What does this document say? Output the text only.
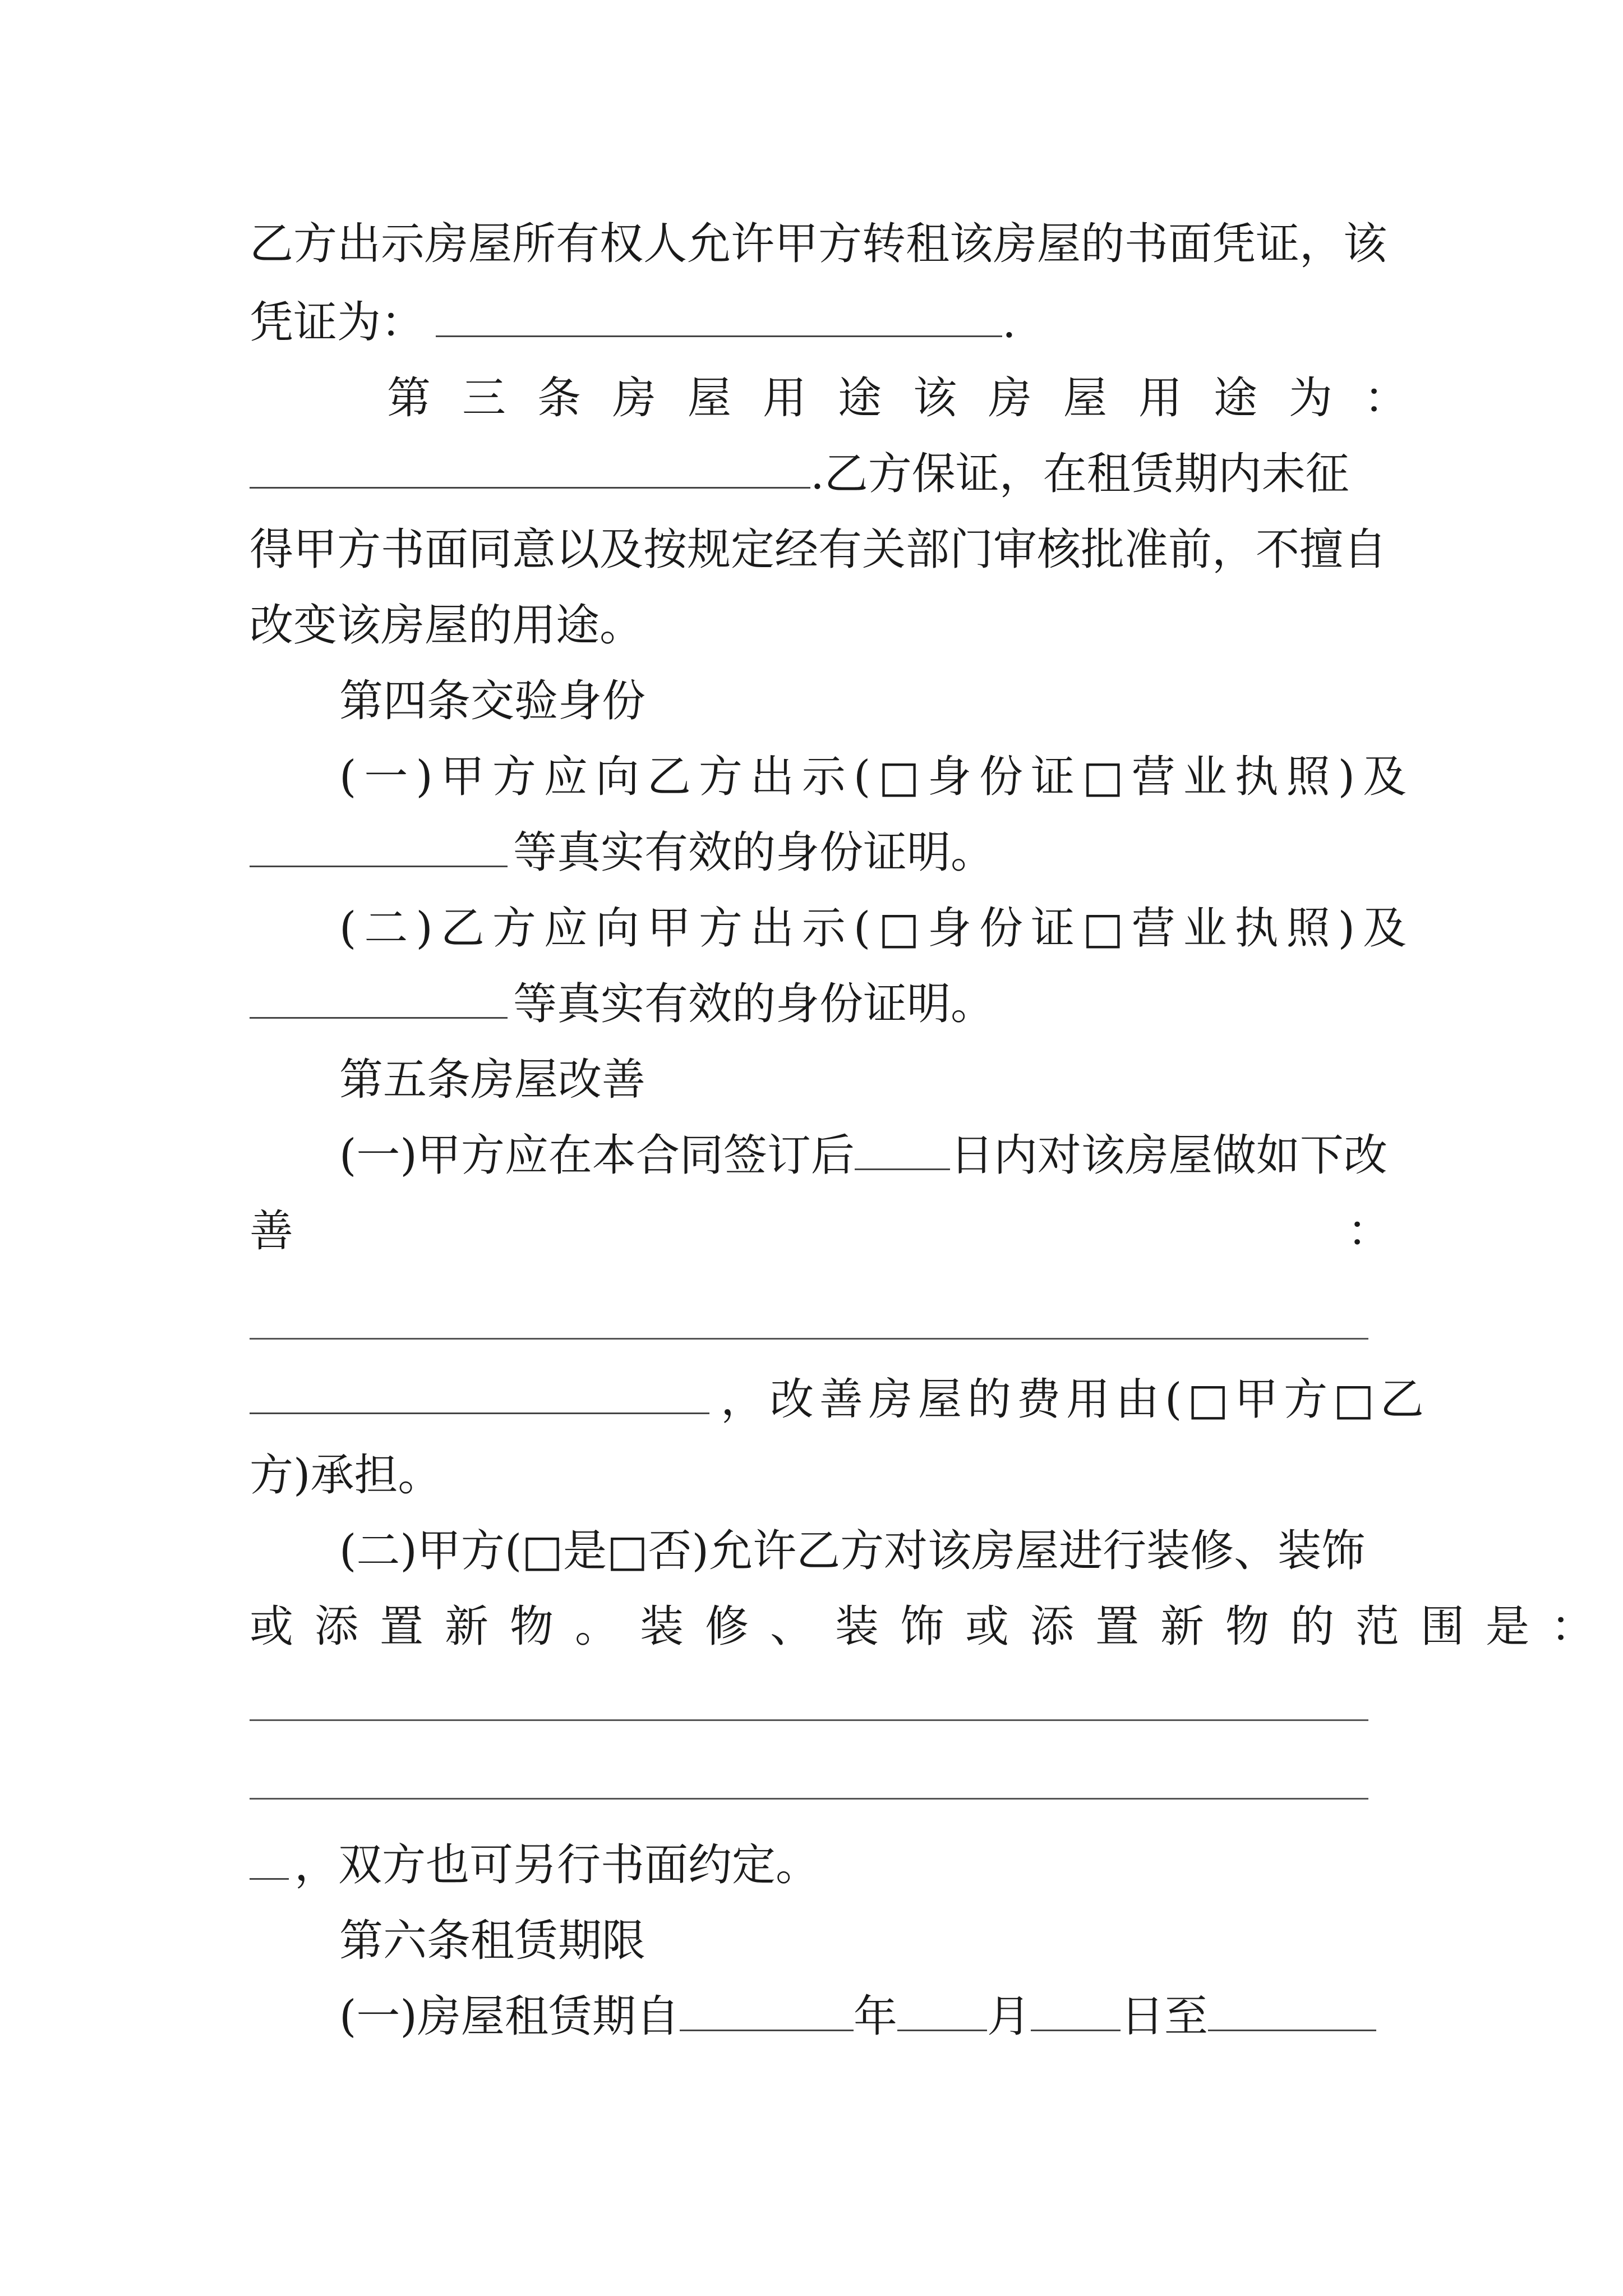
乙方出示房屋所有权人允许甲方转租该房屋的书面凭证，该
凭证为：	.
第三条房屋用途 该房屋用途为：
.乙方保证，在租赁期内未征
得甲方书面同意以及按规定经有关部门审核批准前，不擅自
改变该房屋的用途。
第四条交验身份
(一)甲方应向乙方出示(□身份证□营业执照)及
等真实有效的身份证明。
(二)乙方应向甲方出示(□身份证□营业执照)及
等真实有效的身份证明。
第五条房屋改善
(一)甲方应在本合同签订后 日内对该房屋做如下改
善	：
，改善房屋的费用由(□甲方□乙
方)承担。
(二)甲方(□是□否)允许乙方对该房屋进行装修、装饰
或添置新物。装修、装饰或添置新物的范围是：
，双方也可另行书面约定。
第六条租赁期限
(一)房屋租赁期自	年 月 日至
